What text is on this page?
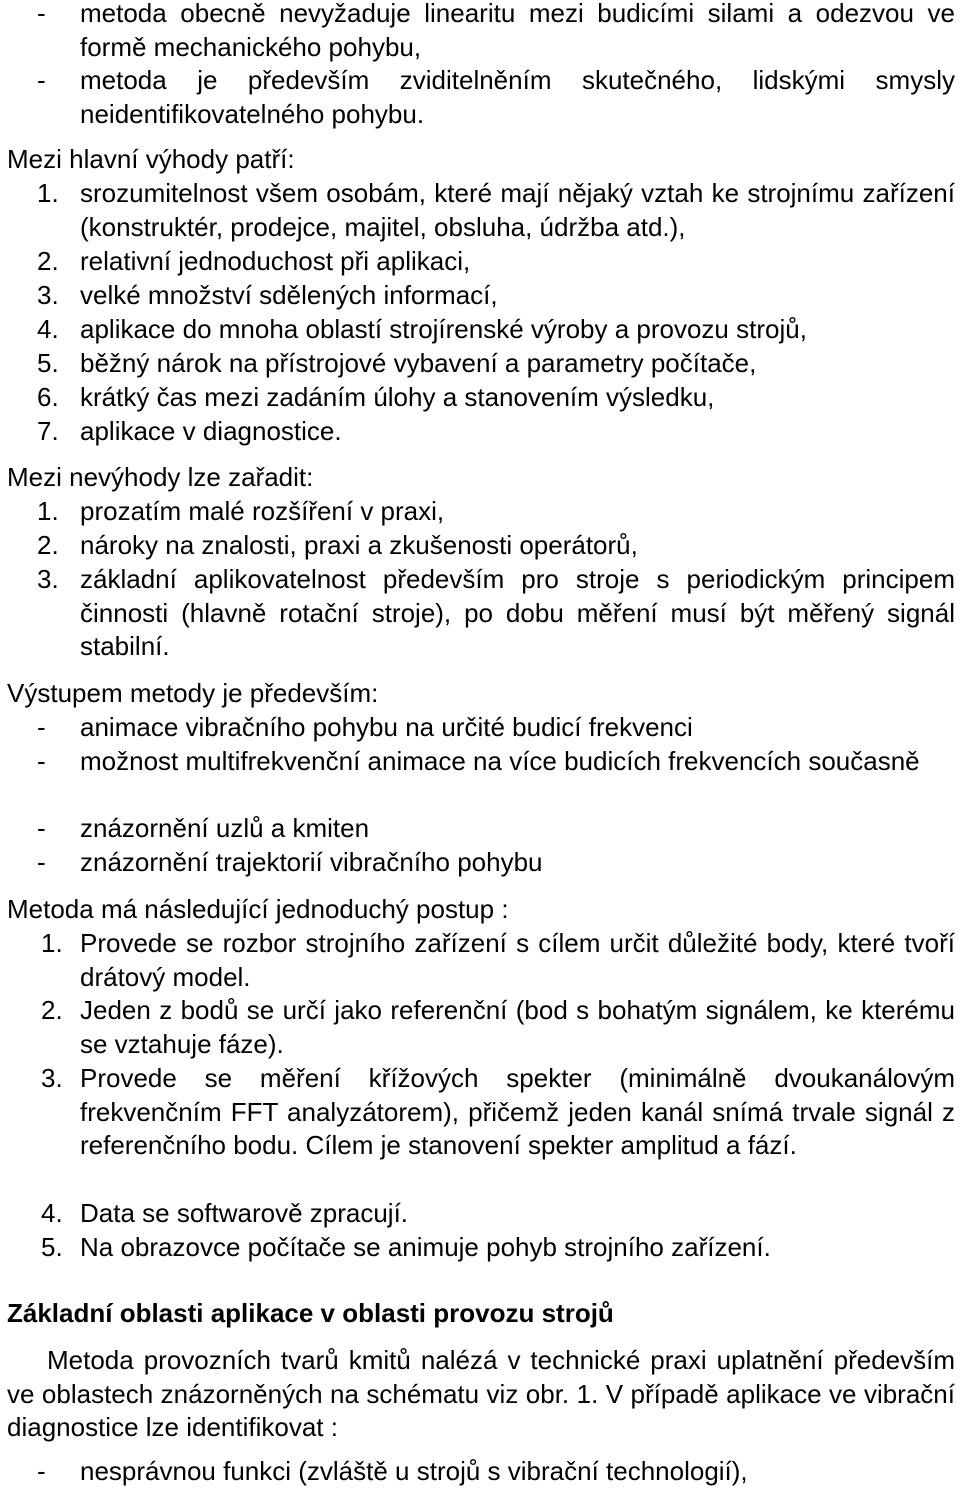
-	metoda obecně nevyžaduje linearitu mezi budicími silami a odezvou ve formě mechanického pohybu,
-	metoda je především zviditelněním skutečného, lidskými smysly neidentifikovatelného pohybu.

Mezi hlavní výhody patří:

1. srozumitelnost všem osobám, které mají nějaký vztah ke strojnímu zařízení (konstruktér, prodejce, majitel, obsluha, údržba atd.),
2. relativní jednoduchost při aplikaci,
3. velké množství sdělených informací,
4. aplikace do mnoha oblastí strojírenské výroby a provozu strojů,
5. běžný nárok na přístrojové vybavení a parametry počítače,
6. krátký čas mezi zadáním úlohy a stanovením výsledku,
7. aplikace v diagnostice.

Mezi nevýhody lze zařadit:

1. prozatím malé rozšíření v praxi,
2. nároky na znalosti, praxi a zkušenosti operátorů,
3. základní aplikovatelnost především pro stroje s periodickým principem činnosti (hlavně rotační stroje), po dobu měření musí být měřený signál stabilní.

Výstupem metody je především:

-	animace vibračního pohybu na určité budicí frekvenci
-	možnost multifrekvenční animace na více budicích frekvencích současně
-	znázornění uzlů a kmiten
-	znázornění trajektorií vibračního pohybu

Metoda má následující jednoduchý postup :

1. Provede se rozbor strojního zařízení s cílem určit důležité body, které tvoří drátový model.
2. Jeden z bodů se určí jako referenční (bod s bohatým signálem, ke kterému se vztahuje fáze).
3. Provede se měření křížových spekter (minimálně dvoukanálovým frekvenčním FFT analyzátorem), přičemž jeden kanál snímá trvale signál z referenčního bodu. Cílem je stanovení spekter amplitud a fází.
4. Data se softwarově zpracují.
5. Na obrazovce počítače se animuje pohyb strojního zařízení.

Základní oblasti aplikace v oblasti provozu strojů

Metoda provozních tvarů kmitů nalézá v technické praxi uplatnění především ve oblastech znázorněných na schématu viz obr. 1. V případě aplikace ve vibrační diagnostice lze identifikovat :

-	nesprávnou funkci (zvláště u strojů s vibrační technologií),
